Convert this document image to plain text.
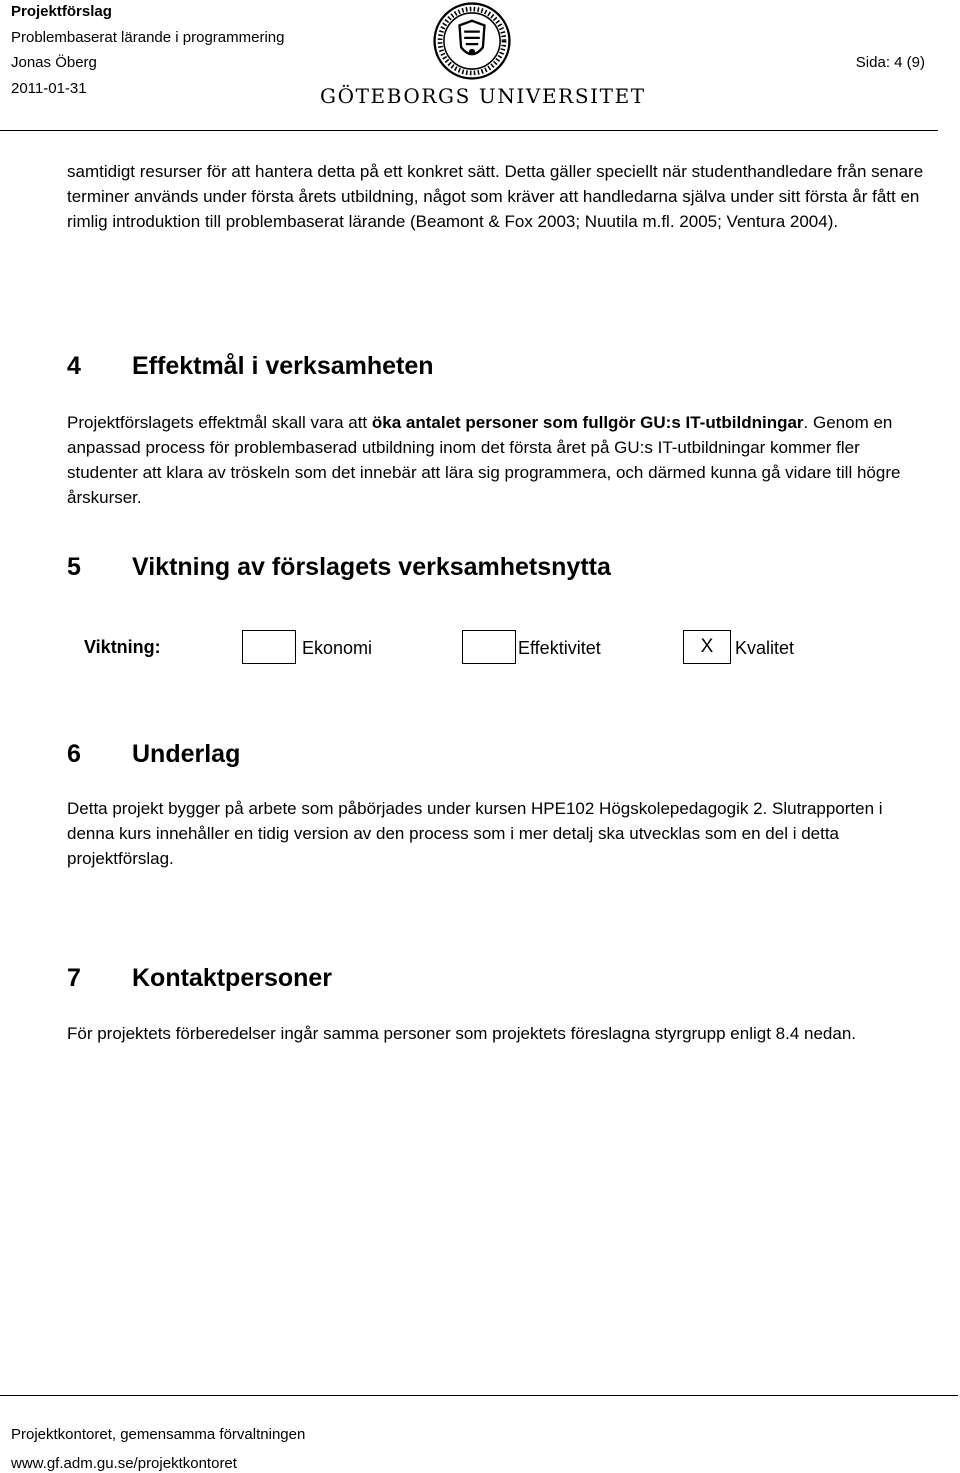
Projektförslag
Problembaserat lärande i programmering
Jonas Öberg
2011-01-31
Sida: 4 (9)
GÖTEBORGS UNIVERSITET

samtidigt resurser för att hantera detta på ett konkret sätt. Detta gäller speciellt när studenthandledare från senare terminer används under första årets utbildning, något som kräver att handledarna själva under sitt första år fått en rimlig introduktion till problembaserat lärande (Beamont & Fox 2003; Nuutila m.fl. 2005; Ventura 2004).

4 Effektmål i verksamheten

Projektförslagets effektmål skall vara att öka antalet personer som fullgör GU:s IT-utbildningar. Genom en anpassad process för problembaserad utbildning inom det första året på GU:s IT-utbildningar kommer fler studenter att klara av tröskeln som det innebär att lära sig programmera, och därmed kunna gå vidare till högre årskurser.

5 Viktning av förslagets verksamhetsnytta
Viktning:	Ekonomi	Effektivitet	X	Kvalitet
6 Underlag

Detta projekt bygger på arbete som påbörjades under kursen HPE102 Högskolepedagogik 2. Slutrapporten i denna kurs innehåller en tidig version av den process som i mer detalj ska utvecklas som en del i detta projektförslag.

7 Kontaktpersoner

För projektets förberedelser ingår samma personer som projektets föreslagna styrgrupp enligt 8.4 nedan.

Projektkontoret, gemensamma förvaltningen
www.gf.adm.gu.se/projektkontoret
